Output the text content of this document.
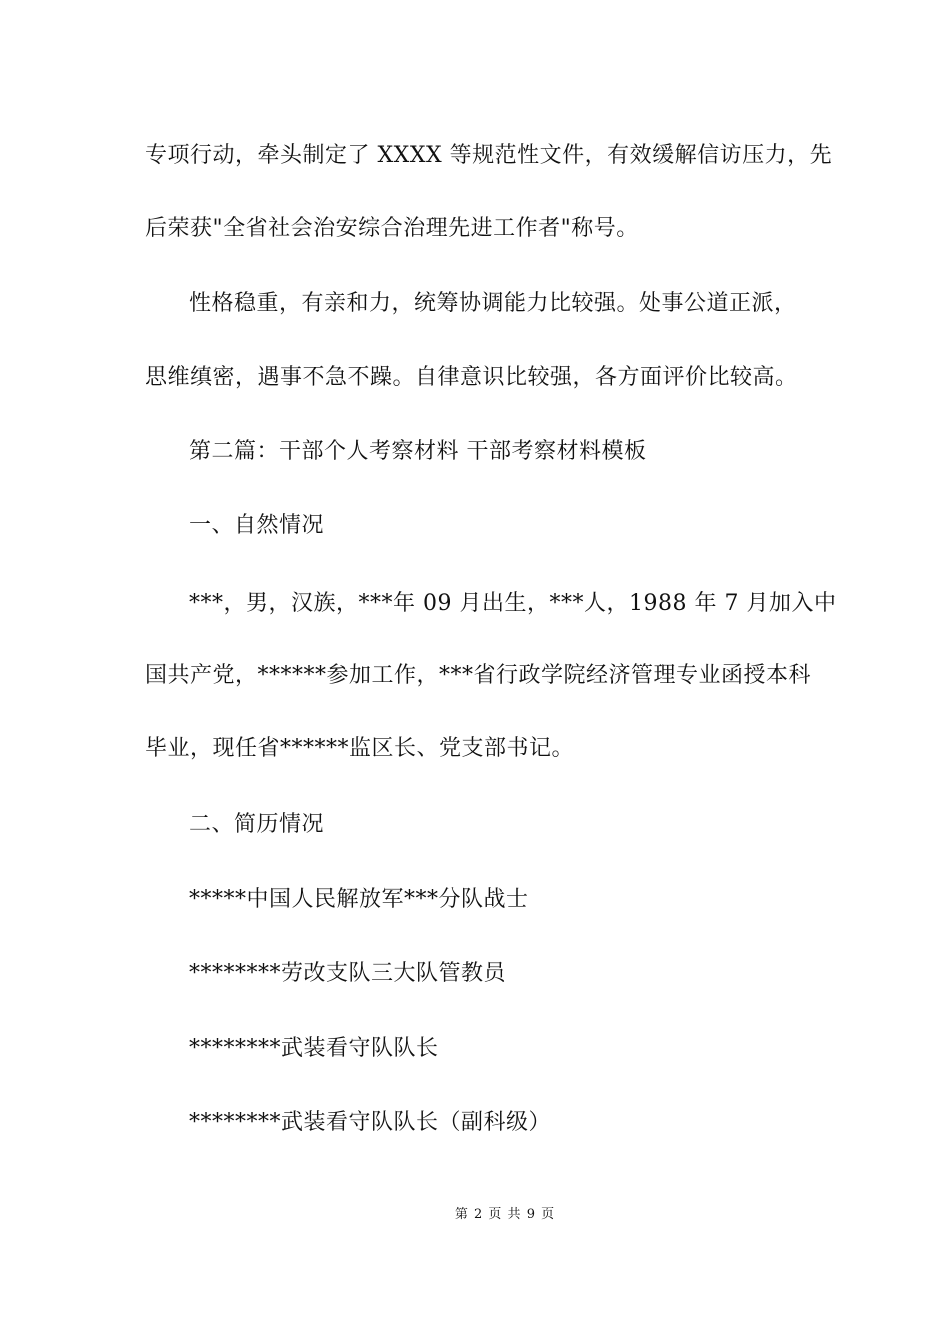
专项行动，牵头制定了 XXXX 等规范性文件，有效缓解信访压力，先
后荣获"全省社会治安综合治理先进工作者"称号。
性格稳重，有亲和力，统筹协调能力比较强。处事公道正派，
思维缜密，遇事不急不躁。自律意识比较强，各方面评价比较高。
第二篇：干部个人考察材料 干部考察材料模板
一、自然情况
***，男，汉族，***年 09 月出生，***人，1988 年 7 月加入中
国共产党，******参加工作，***省行政学院经济管理专业函授本科
毕业，现任省******监区长、党支部书记。
二、简历情况
*****中国人民解放军***分队战士
********劳改支队三大队管教员
********武装看守队队长
********武装看守队队长（副科级）
第 2 页 共 9 页
